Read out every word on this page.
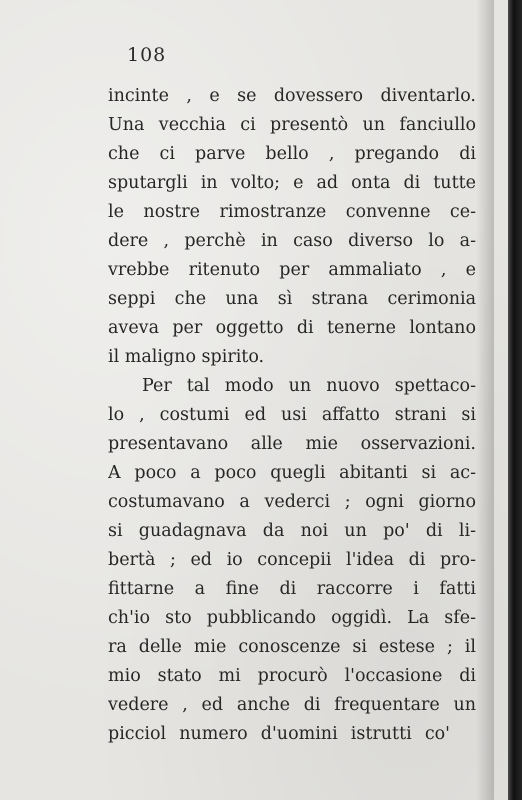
108
incinte , e se dovessero diventarlo.
Una vecchia ci presentò un fanciullo
che ci parve bello , pregando di
sputargli in volto; e ad onta di tutte
le nostre rimostranze convenne ce-
dere , perchè in caso diverso lo a-
vrebbe ritenuto per ammaliato , e
seppi che una sì strana cerimonia
aveva per oggetto di tenerne lontano
il maligno spirito.
Per tal modo un nuovo spettaco-
lo , costumi ed usi affatto strani si
presentavano alle mie osservazioni.
A poco a poco quegli abitanti si ac-
costumavano a vederci ; ogni giorno
si guadagnava da noi un po' di li-
bertà ; ed io concepii l'idea di pro-
fittarne a fine di raccorre i fatti
ch'io sto pubblicando oggidì. La sfe-
ra delle mie conoscenze si estese ; il
mio stato mi procurò l'occasione di
vedere , ed anche di frequentare un
picciol numero d'uomini istrutti co'
